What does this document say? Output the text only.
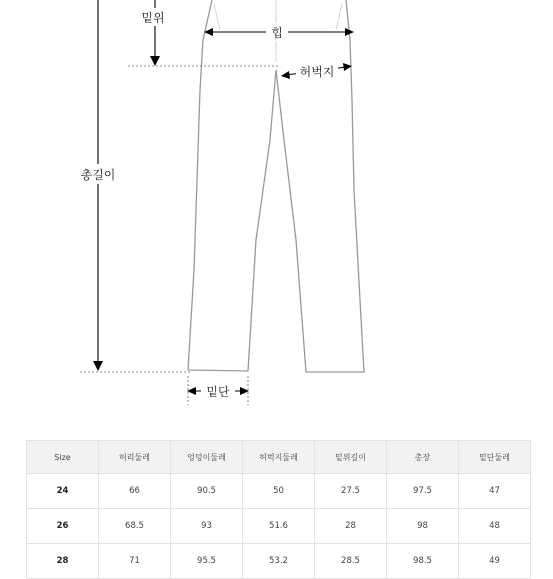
밑위
힙
허벅지
총길이
밑단
Size	허리둘레	엉덩이둘레	허벅지둘레	밑위길이	총장	밑단둘레
24	66	90.5	50	27.5	97.5	47
26	68.5	93	51.6	28	98	48
28	71	95.5	53.2	28.5	98.5	49
